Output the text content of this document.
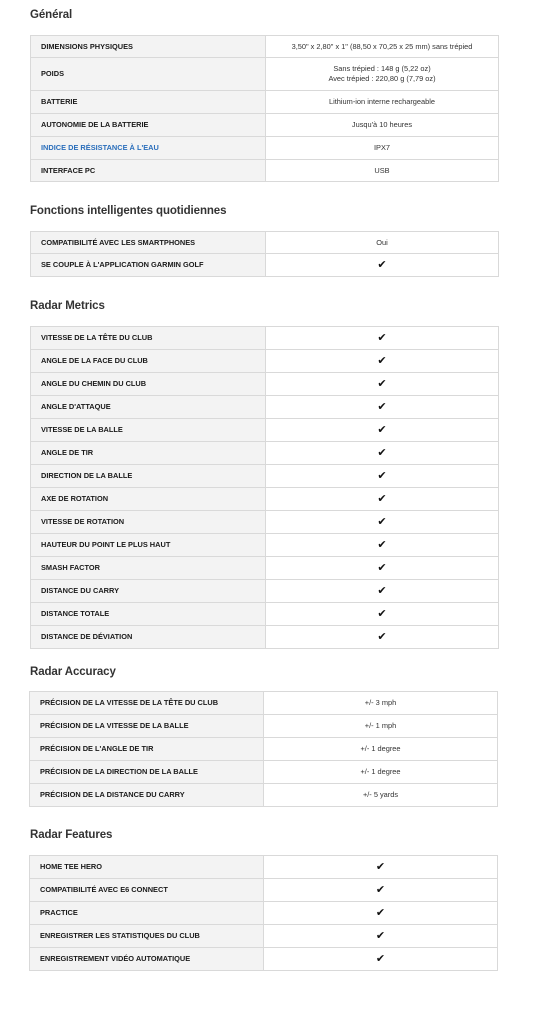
Général
DIMENSIONS PHYSIQUES	3,50" x 2,80" x 1" (88,50 x 70,25 x 25 mm) sans trépied
POIDS	Sans trépied : 148 g (5,22 oz)
Avec trépied : 220,80 g (7,79 oz)

BATTERIE	Lithium-ion interne rechargeable
AUTONOMIE DE LA BATTERIE	Jusqu'à 10 heures
INDICE DE RÉSISTANCE À L'EAU	IPX7
INTERFACE PC	USB
Fonctions intelligentes quotidiennes
COMPATIBILITÉ AVEC LES SMARTPHONES	Oui
SE COUPLE À L'APPLICATION GARMIN GOLF	✔
Radar Metrics
VITESSE DE LA TÊTE DU CLUB	✔
ANGLE DE LA FACE DU CLUB	✔
ANGLE DU CHEMIN DU CLUB	✔
ANGLE D'ATTAQUE	✔
VITESSE DE LA BALLE	✔
ANGLE DE TIR	✔
DIRECTION DE LA BALLE	✔
AXE DE ROTATION	✔
VITESSE DE ROTATION	✔
HAUTEUR DU POINT LE PLUS HAUT	✔
SMASH FACTOR	✔
DISTANCE DU CARRY	✔
DISTANCE TOTALE	✔
DISTANCE DE DÉVIATION	✔
Radar Accuracy
PRÉCISION DE LA VITESSE DE LA TÊTE DU CLUB	+/- 3 mph
PRÉCISION DE LA VITESSE DE LA BALLE	+/- 1 mph
PRÉCISION DE L'ANGLE DE TIR	+/- 1 degree
PRÉCISION DE LA DIRECTION DE LA BALLE	+/- 1 degree
PRÉCISION DE LA DISTANCE DU CARRY	+/- 5 yards
Radar Features
HOME TEE HERO	✔
COMPATIBILITÉ AVEC E6 CONNECT	✔
PRACTICE	✔
ENREGISTRER LES STATISTIQUES DU CLUB	✔
ENREGISTREMENT VIDÉO AUTOMATIQUE	✔
